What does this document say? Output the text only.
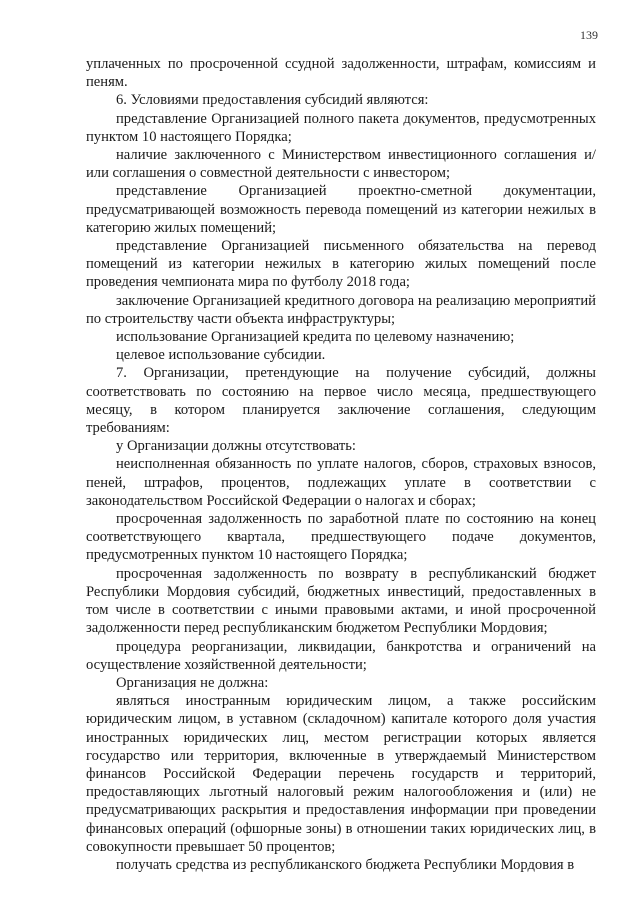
139

уплаченных по просроченной ссудной задолженности, штрафам, комиссиям и пеням.

6. Условиями предоставления субсидий являются:

представление Организацией полного пакета документов, предусмотренных пунктом 10 настоящего Порядка;

наличие заключенного с Министерством инвестиционного соглашения и/или соглашения о совместной деятельности с инвестором;

представление Организацией проектно-сметной документации, предусматривающей возможность перевода помещений из категории нежилых в категорию жилых помещений;

представление Организацией письменного обязательства на перевод помещений из категории нежилых в категорию жилых помещений после проведения чемпионата мира по футболу 2018 года;

заключение Организацией кредитного договора на реализацию мероприятий по строительству части объекта инфраструктуры;

использование Организацией кредита по целевому назначению;

целевое использование субсидии.

7. Организации, претендующие на получение субсидий, должны соответствовать по состоянию на первое число месяца, предшествующего месяцу, в котором планируется заключение соглашения, следующим требованиям:

у Организации должны отсутствовать:

неисполненная обязанность по уплате налогов, сборов, страховых взносов, пеней, штрафов, процентов, подлежащих уплате в соответствии с законодательством Российской Федерации о налогах и сборах;

просроченная задолженность по заработной плате по состоянию на конец соответствующего квартала, предшествующего подаче документов, предусмотренных пунктом 10 настоящего Порядка;

просроченная задолженность по возврату в республиканский бюджет Республики Мордовия субсидий, бюджетных инвестиций, предоставленных в том числе в соответствии с иными правовыми актами, и иной просроченной задолженности перед республиканским бюджетом Республики Мордовия;

процедура реорганизации, ликвидации, банкротства и ограничений на осуществление хозяйственной деятельности;

Организация не должна:

являться иностранным юридическим лицом, а также российским юридическим лицом, в уставном (складочном) капитале которого доля участия иностранных юридических лиц, местом регистрации которых является государство или территория, включенные в утверждаемый Министерством финансов Российской Федерации перечень государств и территорий, предоставляющих льготный налоговый режим налогообложения и (или) не предусматривающих раскрытия и предоставления информации при проведении финансовых операций (офшорные зоны) в отношении таких юридических лиц, в совокупности превышает 50 процентов;

получать средства из республиканского бюджета Республики Мордовия в
